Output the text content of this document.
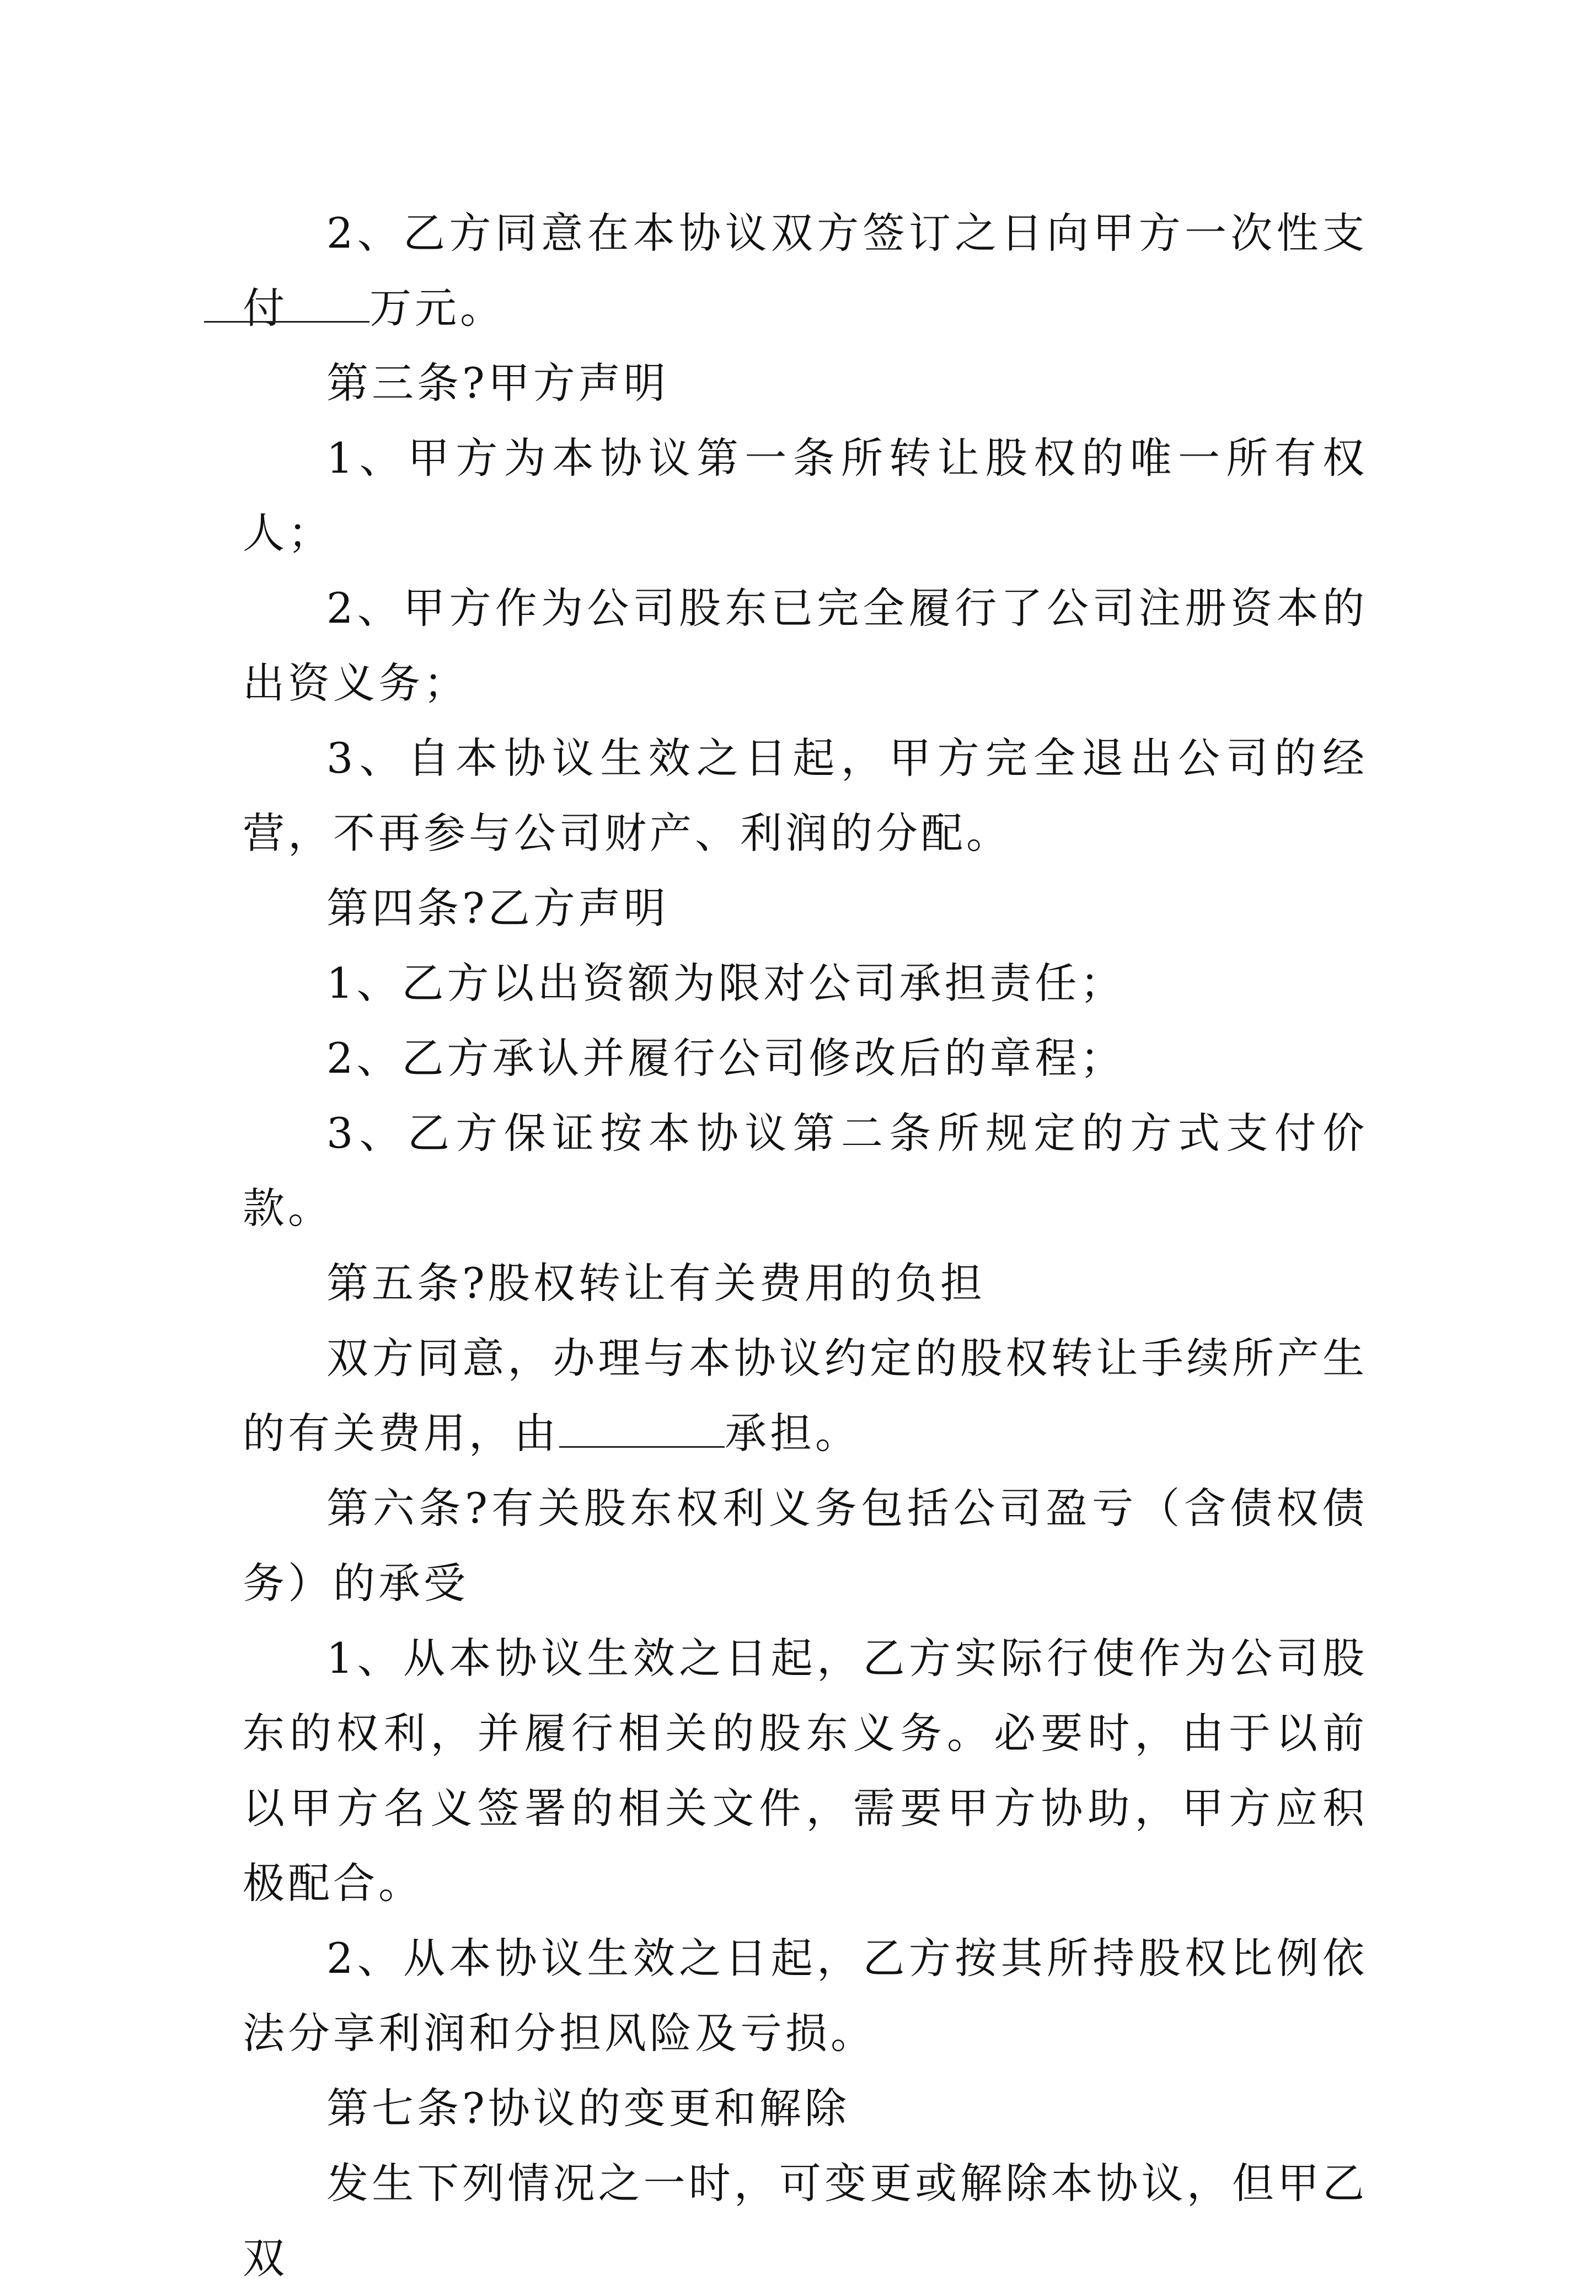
2、乙方同意在本协议双方签订之日向甲方一次性支付 万元。

第三条?甲方声明

1、甲方为本协议第一条所转让股权的唯一所有权人；

2、甲方作为公司股东已完全履行了公司注册资本的出资义务；

3、自本协议生效之日起，甲方完全退出公司的经营，不再参与公司财产、利润的分配。

第四条?乙方声明

1、乙方以出资额为限对公司承担责任；

2、乙方承认并履行公司修改后的章程；

3、乙方保证按本协议第二条所规定的方式支付价款。

第五条?股权转让有关费用的负担

双方同意，办理与本协议约定的股权转让手续所产生的有关费用，由	承担。

第六条?有关股东权利义务包括公司盈亏（含债权债务）的承受

1、从本协议生效之日起，乙方实际行使作为公司股东的权利，并履行相关的股东义务。必要时，由于以前以甲方名义签署的相关文件，需要甲方协助，甲方应积极配合。

2、从本协议生效之日起，乙方按其所持股权比例依法分享利润和分担风险及亏损。

第七条?协议的变更和解除

发生下列情况之一时，可变更或解除本协议，但甲乙双
